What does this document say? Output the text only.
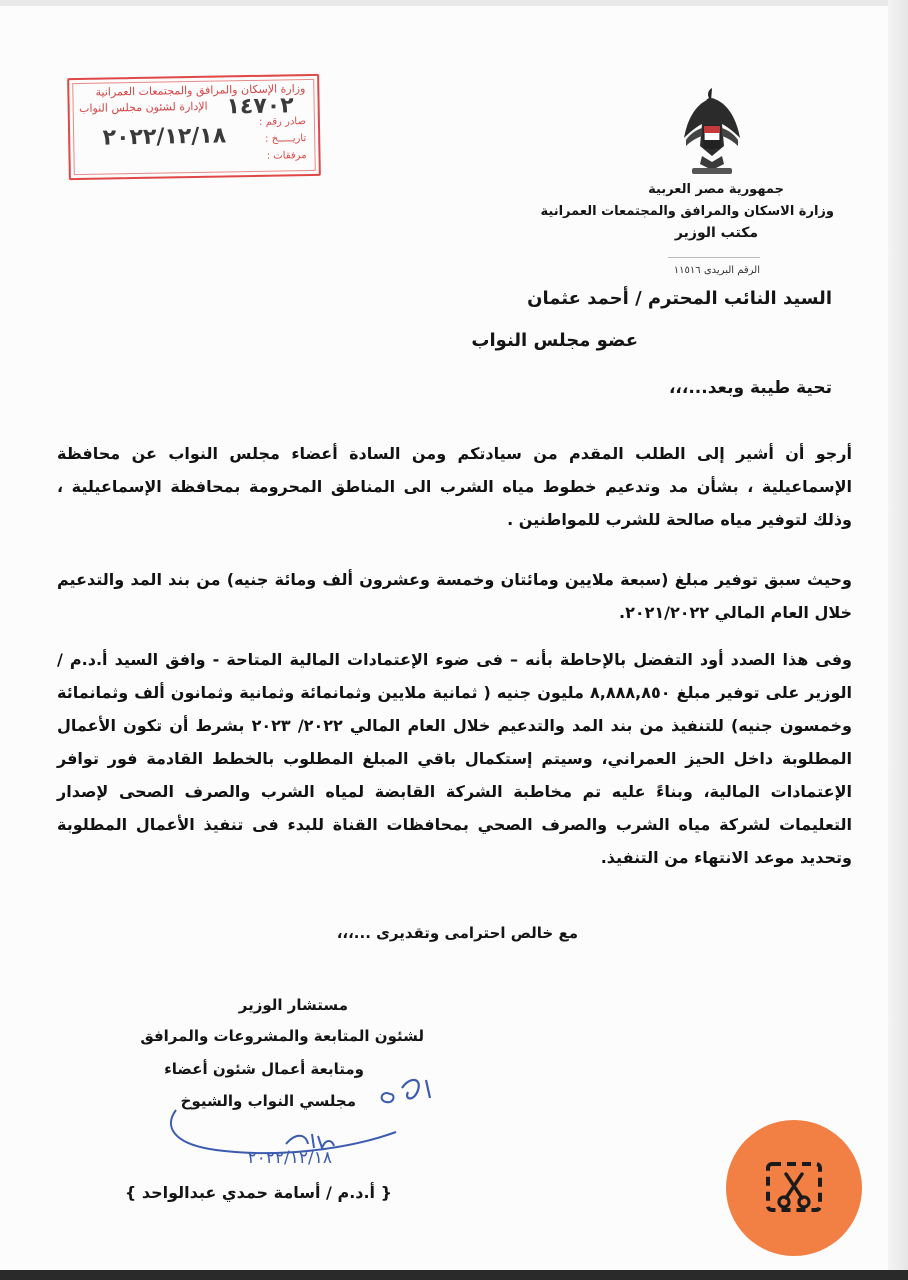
وزارة الإسكان والمرافق والمجتمعات العمرانية
الإدارة لشئون مجلس النواب ١٤٧٠٢
صادر رقم :
تاريـــــخ :
٢٠٢٢/١٢/١٨
مرفقات :
جمهورية مصر العربية
وزارة الاسكان والمرافق والمجتمعات العمرانية
مكتب الوزير
الرقم البريدى ١١٥١٦
السيد النائب المحترم / أحمد عثمان
عضو مجلس النواب
تحية طيبة وبعد...،،،
أرجو أن أشير إلى الطلب المقدم من سيادتكم ومن السادة أعضاء مجلس النواب عن محافظة الإسماعيلية ، بشأن مد وتدعيم خطوط مياه الشرب الى المناطق المحرومة بمحافظة الإسماعيلية ، وذلك لتوفير مياه صالحة للشرب للمواطنين .
وحيث سبق توفير مبلغ (سبعة ملايين ومائتان وخمسة وعشرون ألف ومائة جنيه) من بند المد والتدعيم خلال العام المالي ٢٠٢١/٢٠٢٢.
وفى هذا الصدد أود التفضل بالإحاطة بأنه – فى ضوء الإعتمادات المالية المتاحة - وافق السيد أ.د.م / الوزير على توفير مبلغ ٨,٨٨٨,٨٥٠ مليون جنيه ( ثمانية ملايين وثمانمائة وثمانية وثمانون ألف وثمانمائة وخمسون جنيه) للتنفيذ من بند المد والتدعيم خلال العام المالي ٢٠٢٢/ ٢٠٢٣ بشرط أن تكون الأعمال المطلوبة داخل الحيز العمراني، وسيتم إستكمال باقي المبلغ المطلوب بالخطط القادمة فور توافر الإعتمادات المالية، وبناءً عليه تم مخاطبة الشركة القابضة لمياه الشرب والصرف الصحى لإصدار التعليمات لشركة مياه الشرب والصرف الصحي بمحافظات القناة للبدء فى تنفيذ الأعمال المطلوبة وتحديد موعد الانتهاء من التنفيذ.
مع خالص احترامى وتقديرى ...،،،
مستشار الوزير
لشئون المتابعة والمشروعات والمرافق
ومتابعة أعمال شئون أعضاء
مجلسي النواب والشيوخ
٢٠٢٢/١٢/١٨
{ أ.د.م / أسامة حمدي عبدالواحد }
